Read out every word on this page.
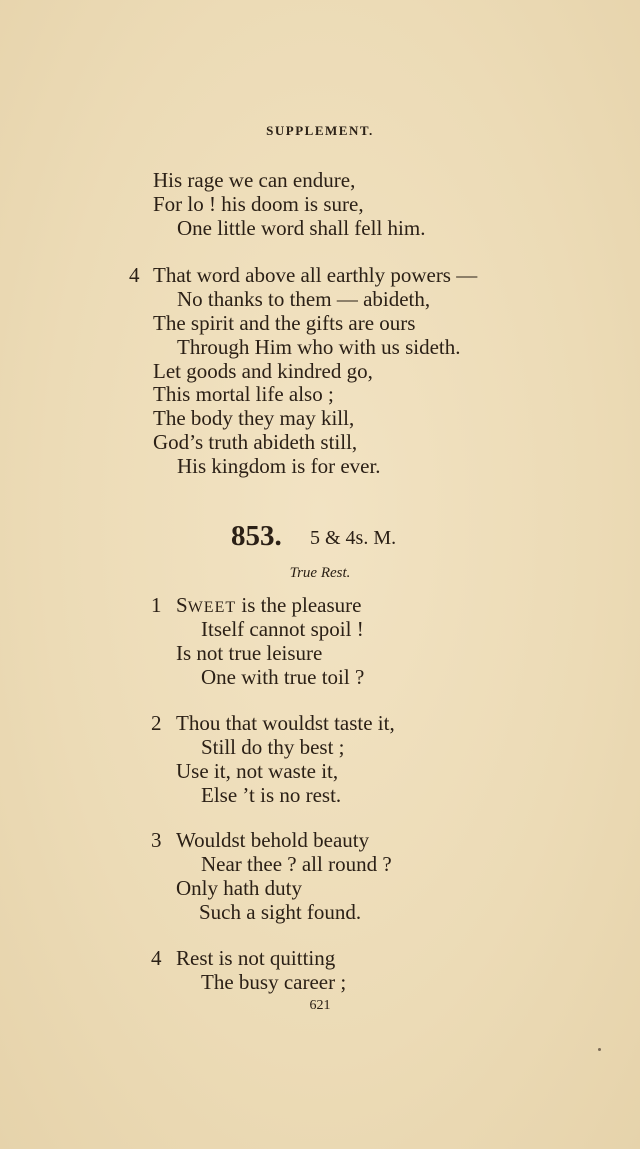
SUPPLEMENT.
His rage we can endure,
For lo ! his doom is sure,
One little word shall fell him.
4 That word above all earthly powers —
No thanks to them — abideth,
The spirit and the gifts are ours
Through Him who with us sideth.
Let goods and kindred go,
This mortal life also ;
The body they may kill,
God’s truth abideth still,
His kingdom is for ever.
853. 5 & 4s. M.
True Rest.
1 SWEET is the pleasure
Itself cannot spoil !
Is not true leisure
One with true toil ?
2 Thou that wouldst taste it,
Still do thy best ;
Use it, not waste it,
Else ’t is no rest.
3 Wouldst behold beauty
Near thee ? all round ?
Only hath duty
Such a sight found.
4 Rest is not quitting
The busy career ;
621
